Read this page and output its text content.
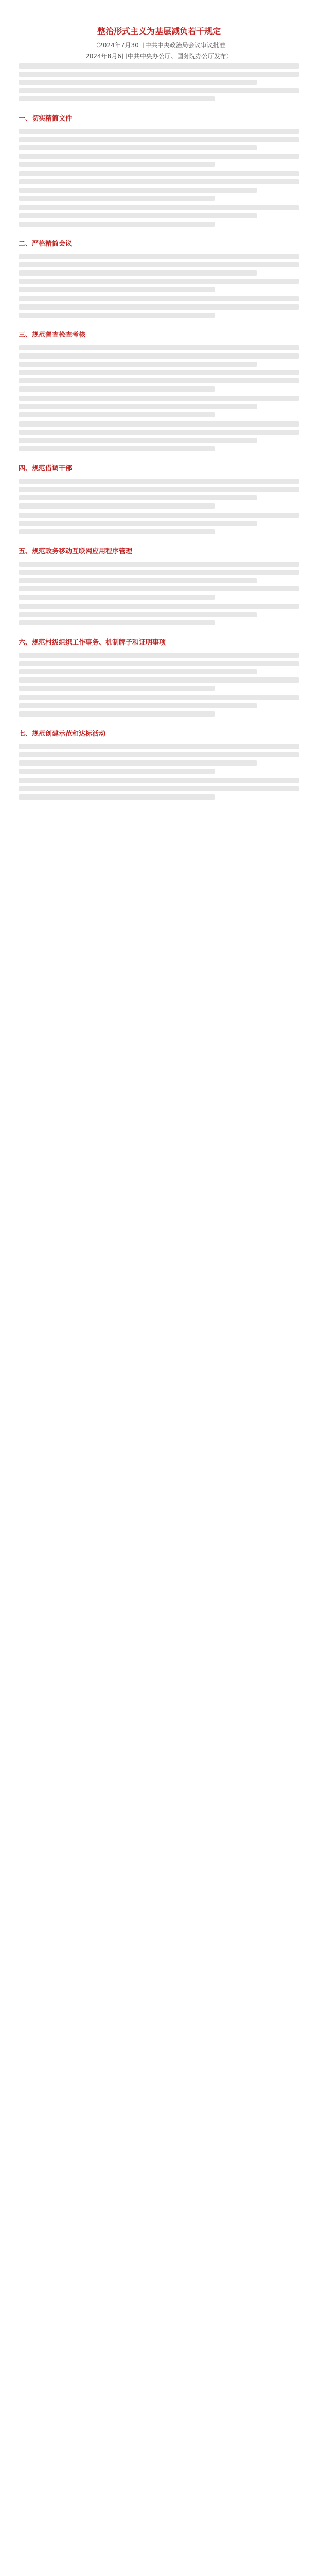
整治形式主义为基层减负若干规定
（2024年7月30日中共中央政治局会议审议批准
2024年8月6日中共中央办公厅、国务院办公厅发布）
一、切实精简文件
二、严格精简会议
三、规范督查检查考核
四、规范借调干部
五、规范政务移动互联网应用程序管理
六、规范村级组织工作事务、机制牌子和证明事项
七、规范创建示范和达标活动
